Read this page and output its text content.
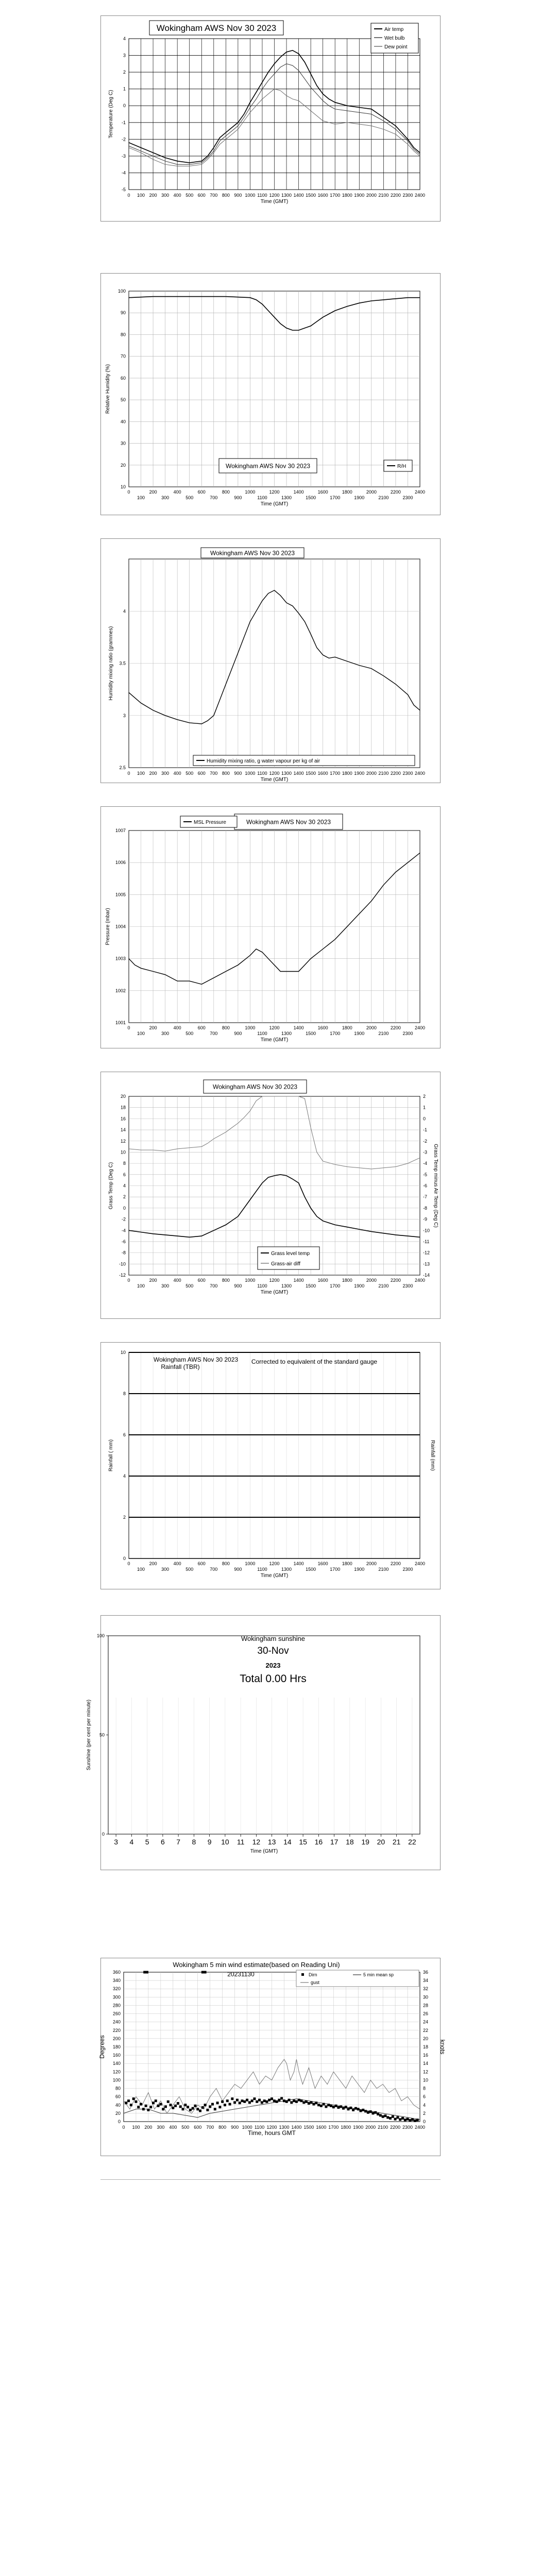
4
3
2
1
0
-1
-2
-3
-4
-5
0 100 200 300 400 500 600 700 800 900 1000 1100 1200 1300 1400 1500 1600 1700 1800 1900 2000 2100 2200 2300 2400
Wokingham AWS Nov 30 2023
Time (GMT)
Temperature (Deg C)
Air temp
Wet bulb
Dew point
100
90
80
70
60
50
40
30
20
10
0	200	400	600	800	1000	1200	1400	1600	1800	2000	2200	2400
100	300	500	700	900	1100	1300	1500	1700	1900	2100	2300
Wokingham AWS Nov 30 2023
Time (GMT)
Relative Humidity (%)
R/H
4
3.5
3
2.5
0 100 200 300 400 500 600 700 800 900 1000 1100 1200 1300 1400 1500 1600 1700 1800 1900 2000 2100 2200 2300 2400
Wokingham AWS Nov 30 2023
Time (GMT)
Humidity mixing ratio (grammes)
Humidity mixing ratio, g water vapour per kg of air
1007
1006
1005
1004
1003
1002
1001
0	200	400	600	800	1000	1200	1400	1600	1800	2000	2200	2400
100	300	500	700	900	1100	1300	1500	1700	1900	2100	2300
Wokingham AWS Nov 30 2023
Time (GMT)
Pressure (mbar)
MSL Pressure
20
18
16
14
12
10
8
6
4
2
0
-2
-4
-6
-8
-10
-12
2
1
0
-1
-2
-3
-4
-5
-6
-7
-8
-9
-10
-11
-12
-13
-14
0	200	400	600	800	1000	1200	1400	1600	1800	2000	2200	2400
100	300	500	700	900	1100	1300	1500	1700	1900	2100	2300
Wokingham AWS Nov 30 2023
Time (GMT)
Grass Temp (Deg C)	Grass Temp minus Air Temp (Deg C)
Grass level temp
Grass-air diff
10
8
6
4
2
0
0	200	400	600	800	1000	1200	1400	1600	1800	2000	2200	2400
100	300	500	700	900	1100	1300	1500	1700	1900	2100	2300
Wokingham AWS Nov 30 2023
Rainfall (TBR)
Corrected to equivalent of the standard gauge
Time (GMT)
Rainfall ( mm)	Rainfall (mm)
3 4 5 6 7 8 9 10 11 12 13 14 15 16 17 18 19 20 21 22
100
50
0
Wokingham sunshine
30-Nov
2023
Total 0.00 Hrs
Time (GMT)
Sunshine (per cent per minute)
360
340
320
300
280
260
240
220
200
180
160
140
120
100
80
60
40
20
0
36
34
32
30
28
26
24
22
20
18
16
14
12
10
8
6
4
2
0
0 100 200 300 400 500 600 700 800 900 1000 1100 1200 1300 1400 1500 1600 1700 1800 1900 2000 2100 2200 2300 2400
Wokingham 5 min wind estimate(based on Reading Uni)
20231130
Time, hours GMT
Degrees	knots
Dirn	5 min mean sp
gust
